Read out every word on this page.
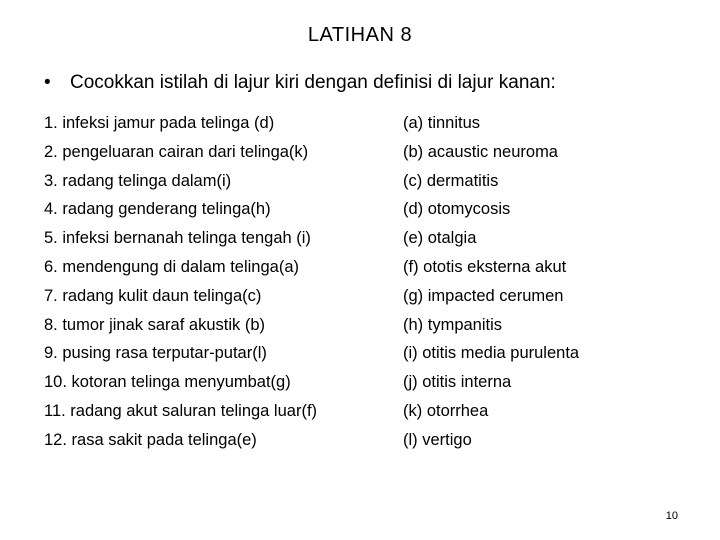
LATIHAN 8
• Cocokkan istilah di lajur kiri dengan definisi di lajur kanan:
1. infeksi jamur pada telinga (d)
2. pengeluaran cairan dari telinga(k)
3. radang telinga dalam(i)
4. radang genderang telinga(h)
5. infeksi bernanah telinga tengah (i)
6. mendengung di dalam telinga(a)
7. radang kulit daun telinga(c)
8. tumor jinak saraf akustik (b)
9. pusing rasa terputar-putar(l)
10. kotoran telinga menyumbat(g)
11. radang akut saluran telinga luar(f)
12. rasa sakit pada telinga(e)
(a) tinnitus
(b) acaustic neuroma
(c) dermatitis
(d) otomycosis
(e) otalgia
(f) ototis eksterna akut
(g) impacted cerumen
(h) tympanitis
(i) otitis media purulenta
(j) otitis interna
(k) otorrhea
(l) vertigo
10
